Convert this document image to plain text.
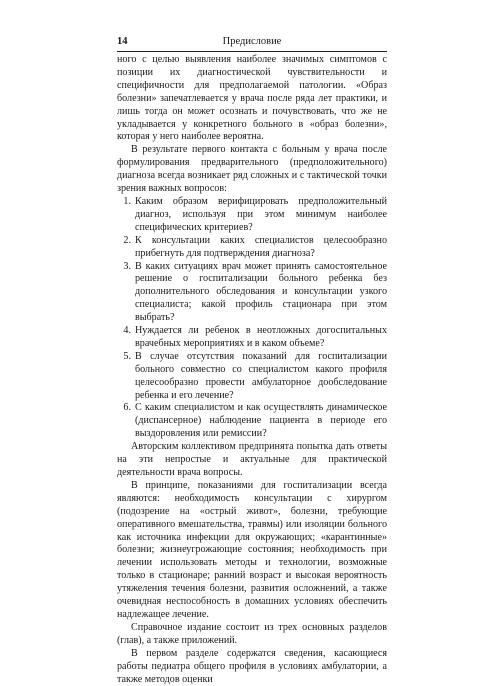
14	Предисловие

ного с целью выявления наиболее значимых симптомов с позиции их диагностической чувствительности и специфичности для предполагаемой патологии. «Образ болезни» запечатлевается у врача после ряда лет практики, и лишь тогда он может осознать и почувствовать, что же не укладывается у конкретного больного в «образ болезни», которая у него наиболее вероятна.

В результате первого контакта с больным у врача после формулирования предварительного (предположительного) диагноза всегда возникает ряд сложных и с тактической точки зрения важных вопросов:

1. Каким образом верифицировать предположительный диагноз, используя при этом минимум наиболее специфических критериев?
2. К консультации каких специалистов целесообразно прибегнуть для подтверждения диагноза?
3. В каких ситуациях врач может принять самостоятельное решение о госпитализации больного ребенка без дополнительного обследования и консультации узкого специалиста; какой профиль стационара при этом выбрать?
4. Нуждается ли ребенок в неотложных догоспитальных врачебных мероприятиях и в каком объеме?
5. В случае отсутствия показаний для госпитализации больного совместно со специалистом какого профиля целесообразно провести амбулаторное дообследование ребенка и его лечение?
6. С каким специалистом и как осуществлять динамическое (диспансерное) наблюдение пациента в периоде его выздоровления или ремиссии?

Авторским коллективом предпринята попытка дать ответы на эти непростые и актуальные для практической деятельности врача вопросы.

В принципе, показаниями для госпитализации всегда являются: необходимость консультации с хирургом (подозрение на «острый живот», болезни, требующие оперативного вмешательства, травмы) или изоляции больного как источника инфекции для окружающих; «карантинные» болезни; жизнеугрожающие состояния; необходимость при лечении использовать методы и технологии, возможные только в стационаре; ранний возраст и высокая вероятность утяжеления течения болезни, развития осложнений, а также очевидная неспособность в домашних условиях обеспечить надлежащее лечение.

Справочное издание состоит из трех основных разделов (глав), а также приложений.

В первом разделе содержатся сведения, касающиеся работы педиатра общего профиля в условиях амбулатории, а также методов оценки
